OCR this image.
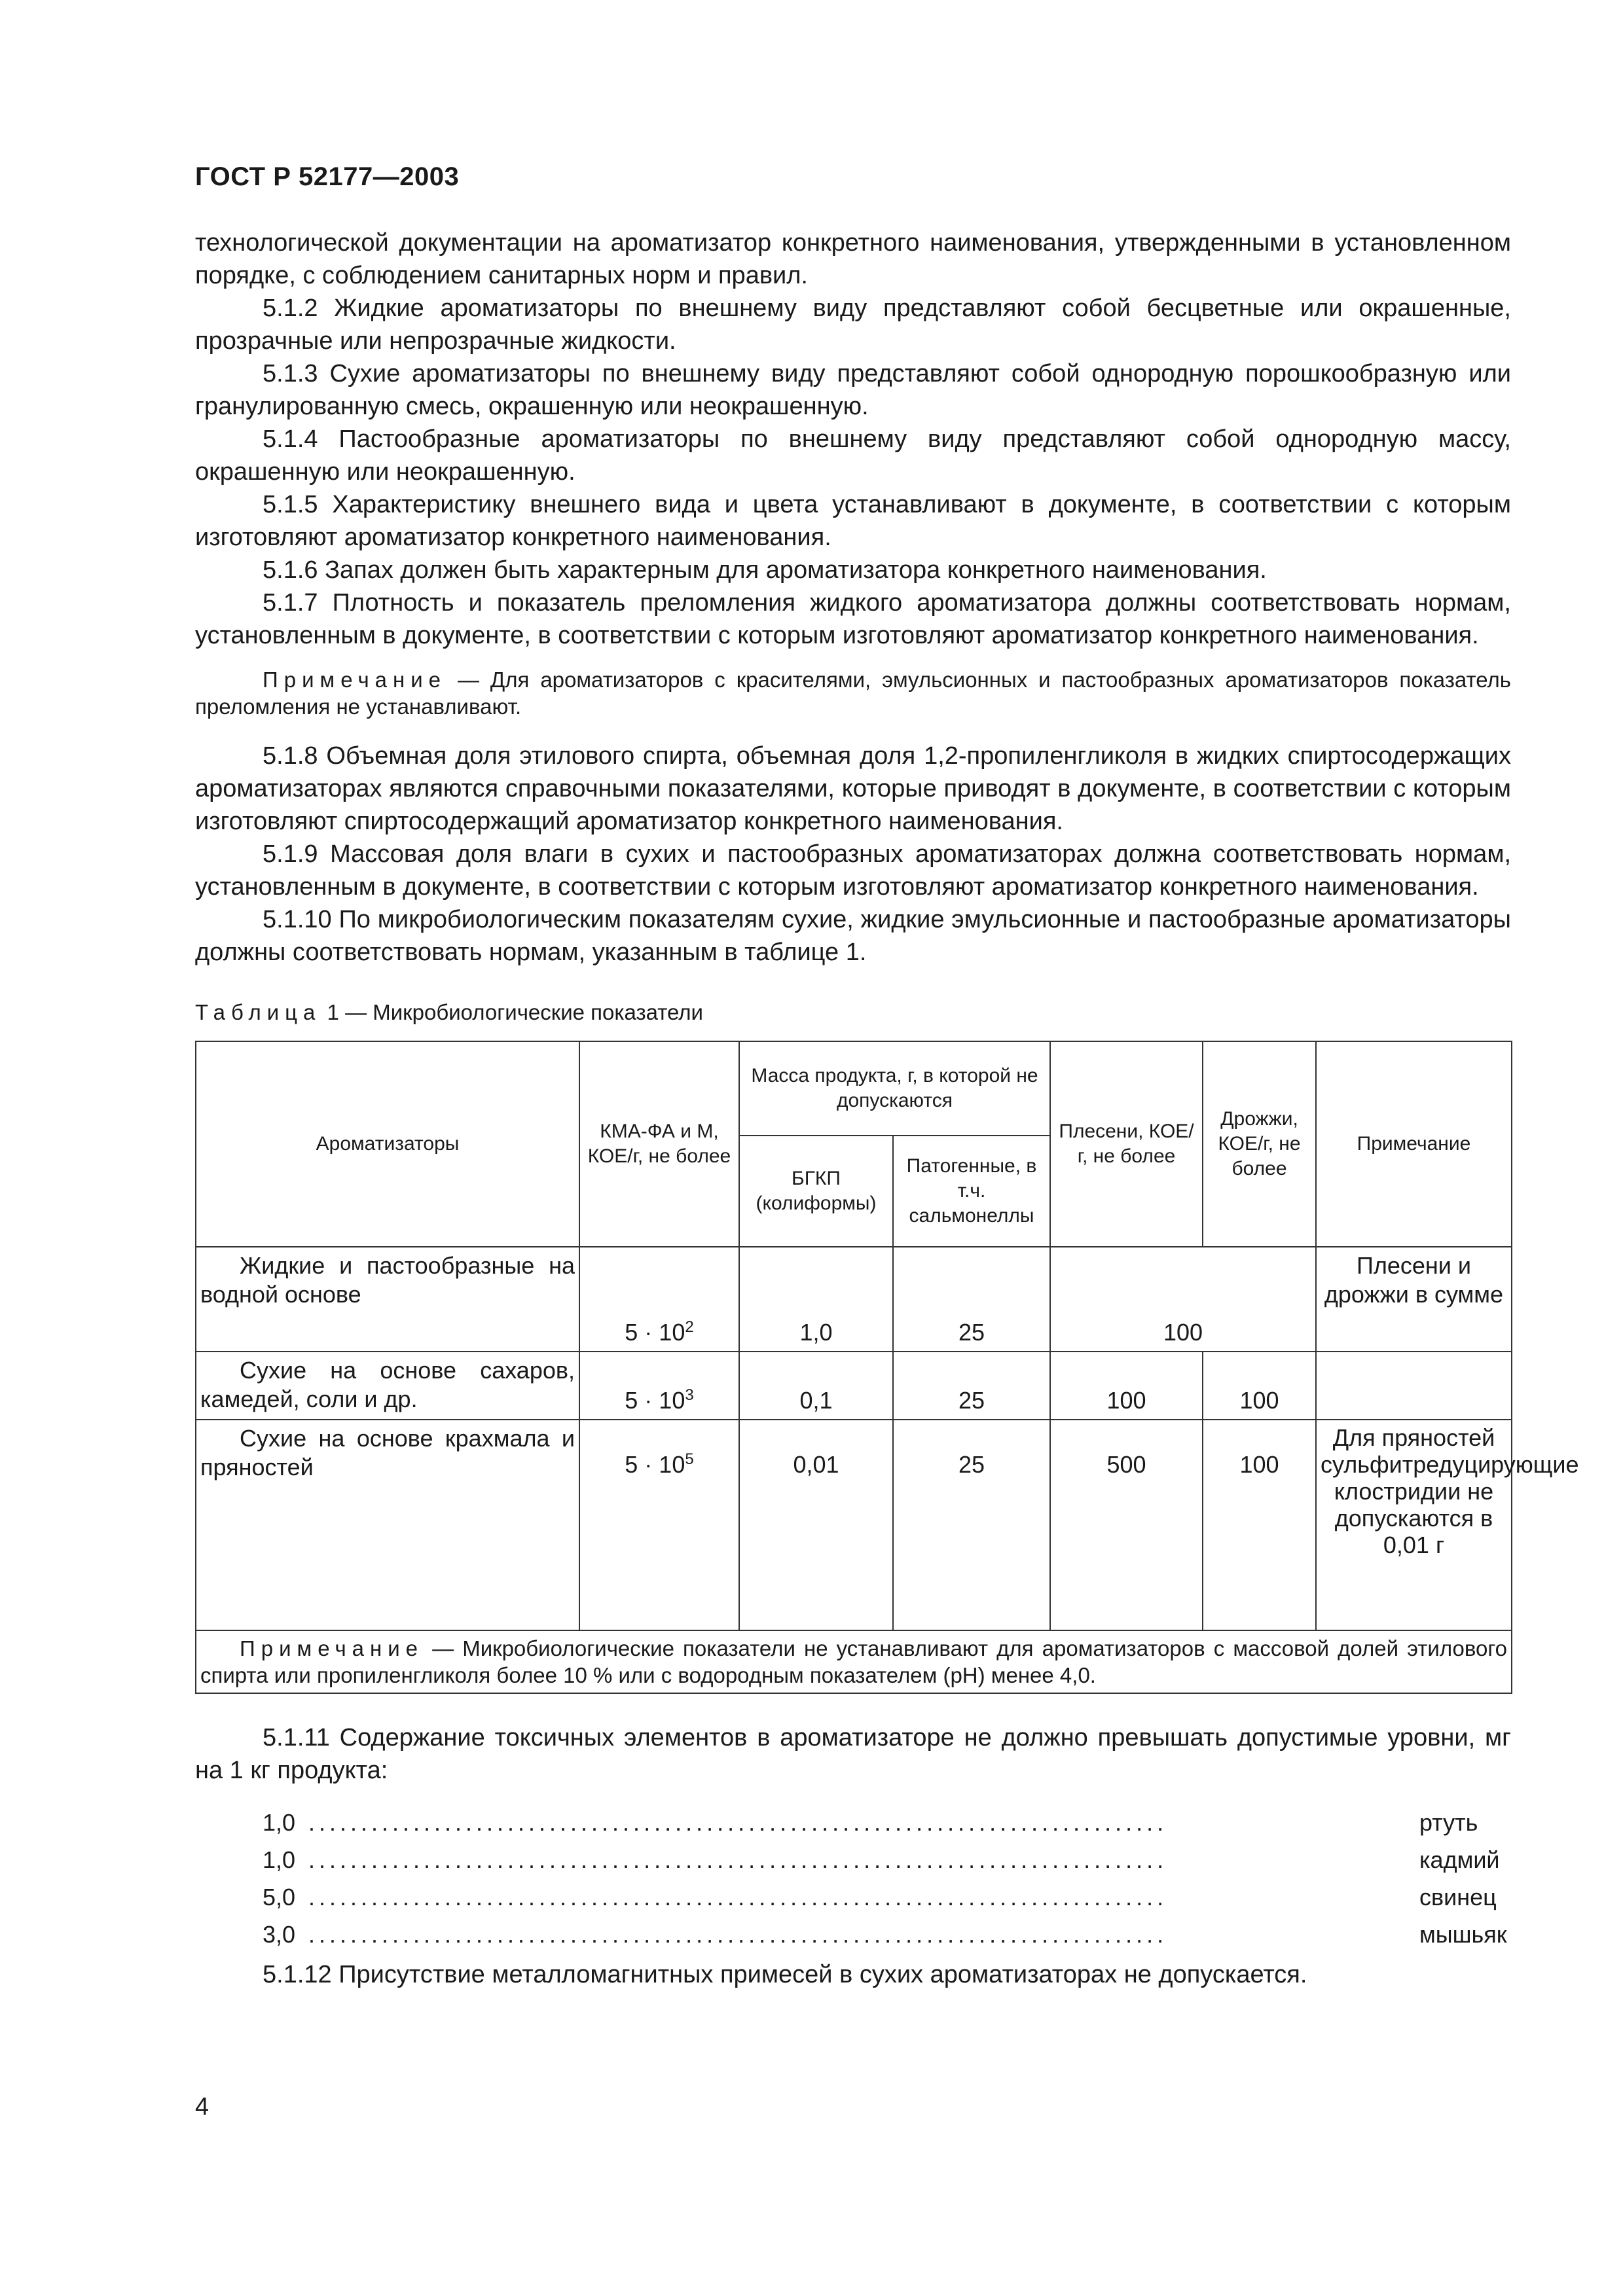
ГОСТ Р 52177—2003

технологической документации на ароматизатор конкретного наименования, утвержденными в установленном порядке, с соблюдением санитарных норм и правил.

5.1.2 Жидкие ароматизаторы по внешнему виду представляют собой бесцветные или окрашенные, прозрачные или непрозрачные жидкости.

5.1.3 Сухие ароматизаторы по внешнему виду представляют собой однородную порошкообразную или гранулированную смесь, окрашенную или неокрашенную.

5.1.4 Пастообразные ароматизаторы по внешнему виду представляют собой однородную массу, окрашенную или неокрашенную.

5.1.5 Характеристику внешнего вида и цвета устанавливают в документе, в соответствии с которым изготовляют ароматизатор конкретного наименования.

5.1.6 Запах должен быть характерным для ароматизатора конкретного наименования.

5.1.7 Плотность и показатель преломления жидкого ароматизатора должны соответствовать нормам, установленным в документе, в соответствии с которым изготовляют ароматизатор конкретного наименования.

Примечание — Для ароматизаторов с красителями, эмульсионных и пастообразных ароматизаторов показатель преломления не устанавливают.

5.1.8 Объемная доля этилового спирта, объемная доля 1,2-пропиленгликоля в жидких спиртосодержащих ароматизаторах являются справочными показателями, которые приводят в документе, в соответствии с которым изготовляют спиртосодержащий ароматизатор конкретного наименования.

5.1.9 Массовая доля влаги в сухих и пастообразных ароматизаторах должна соответствовать нормам, установленным в документе, в соответствии с которым изготовляют ароматизатор конкретного наименования.

5.1.10 По микробиологическим показателям сухие, жидкие эмульсионные и пастообразные ароматизаторы должны соответствовать нормам, указанным в таблице 1.

Таблица 1 — Микробиологические показатели
Ароматизаторы	КМА-ФА и М, КОЕ/г, не более	Масса продукта, г, в которой не допускаются		Плесени, КОЕ/г, не более	Дрожжи, КОЕ/г, не более	Примечание
		БГКП (колиформы)	Патогенные, в т.ч. сальмонеллы			
Жидкие и пастообразные на водной основе	$5 \cdot 10^2$	1,0	25	100		Плесени и дрожжи в сумме
Сухие на основе сахаров, камедей, соли и др.	$5 \cdot 10^3$	0,1	25	100	100	
Сухие на основе крахмала и пряностей	$5 \cdot 10^5$	0,01	25	500	100	Для пряностей сульфитредуцирующие клостридии не допускаются в 0,01 г
Примечание — Микробиологические показатели не устанавливают для ароматизаторов с массовой долей этилового спирта или пропиленгликоля более 10 % или с водородным показателем (pH) менее 4,0.						

5.1.11 Содержание токсичных элементов в ароматизаторе не должно превышать допустимые уровни, мг на 1 кг продукта:

1,0 ..................................................................................	ртуть
1,0 ..................................................................................	кадмий
5,0 ..................................................................................	свинец
3,0 ..................................................................................	мышьяк

5.1.12 Присутствие металломагнитных примесей в сухих ароматизаторах не допускается.

4
